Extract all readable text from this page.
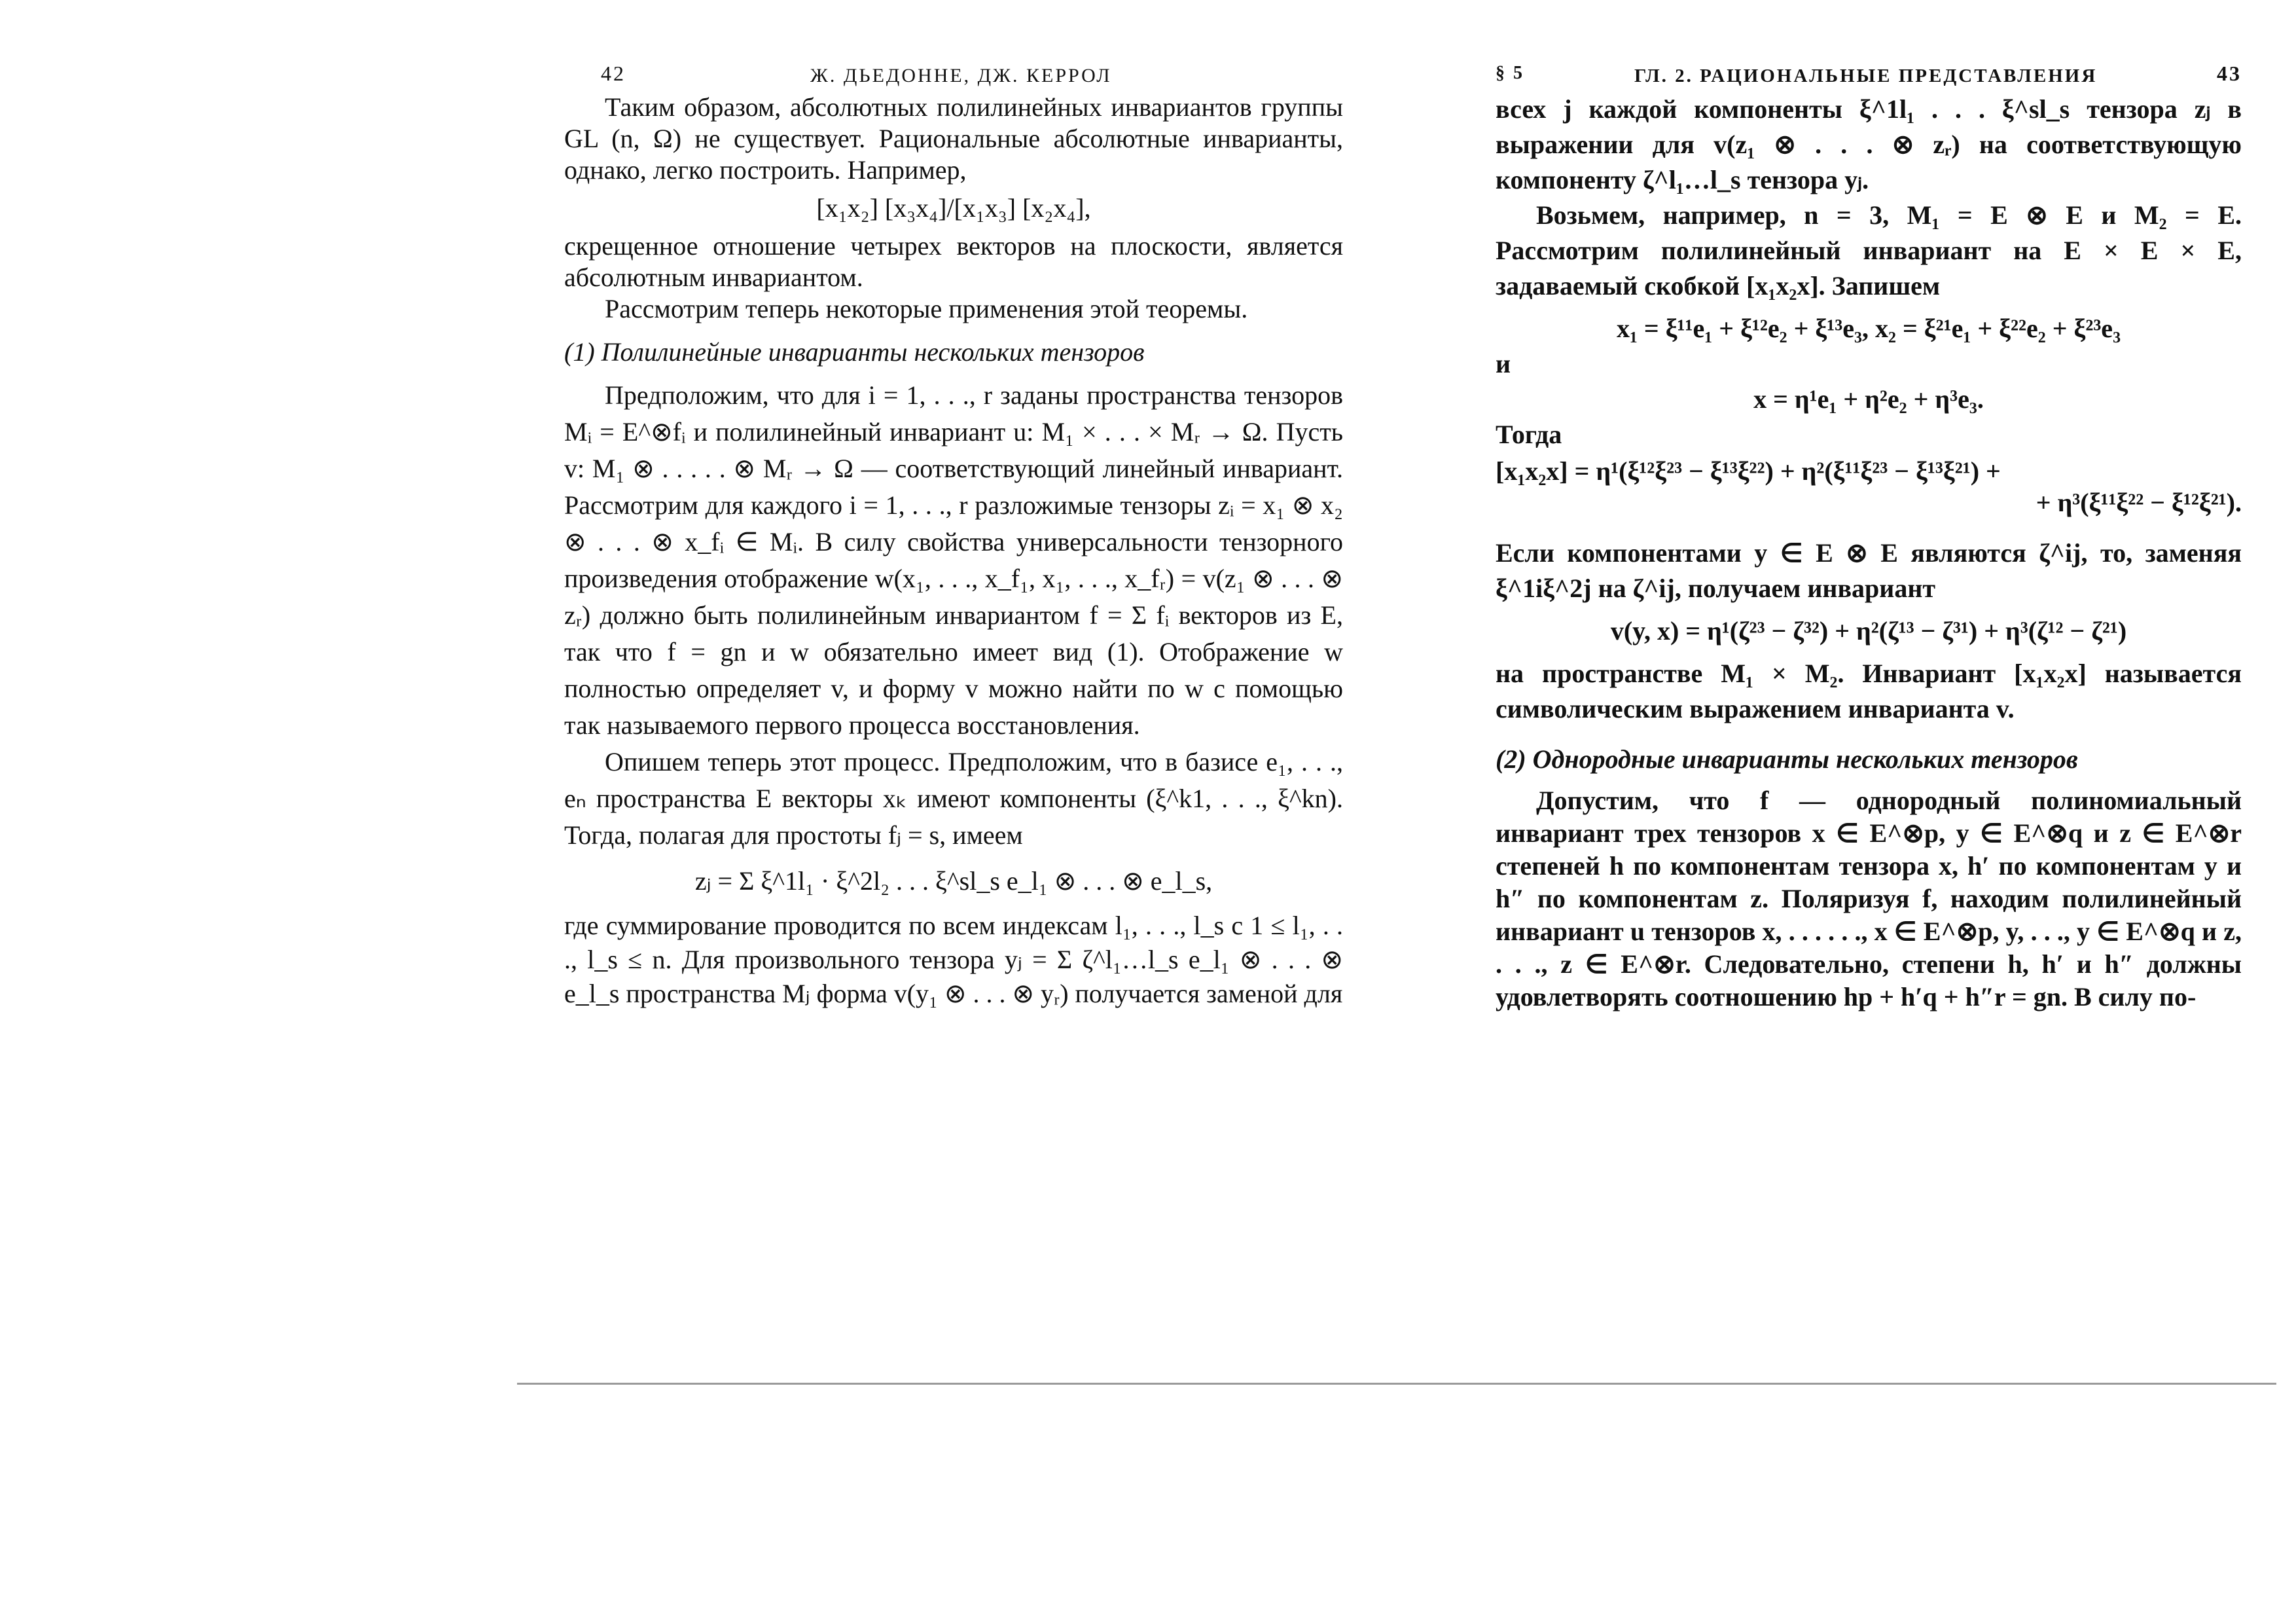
42	Ж. ДЬЕДОННЕ, ДЖ. КЕРРОЛ

Таким образом, абсолютных полилинейных инвариантов группы GL (n, Ω) не существует. Рациональные абсолютные инварианты, однако, легко построить. Например,

[x₁x₂] [x₃x₄]/[x₁x₃] [x₂x₄],

скрещенное отношение четырех векторов на плоскости, является абсолютным инвариантом.

Рассмотрим теперь некоторые применения этой теоремы.

(1) Полилинейные инварианты нескольких тензоров

Предположим, что для i = 1, . . ., r заданы пространства тензоров Mᵢ = E^⊗fᵢ и полилинейный инвариант u: M₁ × . . . × Mᵣ → Ω. Пусть v: M₁ ⊗ . . . . . ⊗ Mᵣ → Ω — соответствующий линейный инвариант. Рассмотрим для каждого i = 1, . . ., r разложимые тензоры zᵢ = x₁ ⊗ x₂ ⊗ . . . ⊗ x_fᵢ ∈ Mᵢ. В силу свойства универсальности тензорного произведения отображение w(x₁, . . ., x_f₁, x₁, . . ., x_fᵣ) = v(z₁ ⊗ . . . ⊗ zᵣ) должно быть полилинейным инвариантом f = Σ fᵢ векторов из E, так что f = gn и w обязательно имеет вид (1). Отображение w полностью определяет v, и форму v можно найти по w с помощью так называемого первого процесса восстановления.

Опишем теперь этот процесс. Предположим, что в базисе e₁, . . ., eₙ пространства E векторы xₖ имеют компоненты (ξ^k1, . . ., ξ^kn). Тогда, полагая для простоты fⱼ = s, имеем

zⱼ = Σ ξ^1l₁ · ξ^2l₂ . . . ξ^sl_s e_l₁ ⊗ . . . ⊗ e_l_s,

где суммирование проводится по всем индексам l₁, . . ., l_s с 1 ≤ l₁, . . ., l_s ≤ n. Для произвольного тензора yⱼ = Σ ζ^l₁…l_s e_l₁ ⊗ . . . ⊗ e_l_s пространства Mⱼ форма v(y₁ ⊗ . . . ⊗ yᵣ) получается заменой для

§ 5	ГЛ. 2. РАЦИОНАЛЬНЫЕ ПРЕДСТАВЛЕНИЯ	43

всех j каждой компоненты ξ^1l₁ . . . ξ^sl_s тензора zⱼ в выражении для v(z₁ ⊗ . . . ⊗ zᵣ) на соответствующую компоненту ζ^l₁…l_s тензора yⱼ.

Возьмем, например, n = 3, M₁ = E ⊗ E и M₂ = E. Рассмотрим полилинейный инвариант на E × E × E, задаваемый скобкой [x₁x₂x]. Запишем

x₁ = ξ¹¹e₁ + ξ¹²e₂ + ξ¹³e₃, x₂ = ξ²¹e₁ + ξ²²e₂ + ξ²³e₃

и

x = η¹e₁ + η²e₂ + η³e₃.

Тогда

[x₁x₂x] = η¹(ξ¹²ξ²³ − ξ¹³ξ²²) + η²(ξ¹¹ξ²³ − ξ¹³ξ²¹) +

+ η³(ξ¹¹ξ²² − ξ¹²ξ²¹).

Если компонентами y ∈ E ⊗ E являются ζ^ij, то, заменяя ξ^1iξ^2j на ζ^ij, получаем инвариант

v(y, x) = η¹(ζ²³ − ζ³²) + η²(ζ¹³ − ζ³¹) + η³(ζ¹² − ζ²¹)

на пространстве M₁ × M₂. Инвариант [x₁x₂x] называется символическим выражением инварианта v.

(2) Однородные инварианты нескольких тензоров

Допустим, что f — однородный полиномиальный инвариант трех тензоров x ∈ E^⊗p, y ∈ E^⊗q и z ∈ E^⊗r степеней h по компонентам тензора x, h′ по компонентам y и h″ по компонентам z. Поляризуя f, находим полилинейный инвариант u тензоров x, . . . . . ., x ∈ E^⊗p, y, . . ., y ∈ E^⊗q и z, . . ., z ∈ E^⊗r. Следовательно, степени h, h′ и h″ должны удовлетворять соотношению hp + h′q + h″r = gn. В силу по-
